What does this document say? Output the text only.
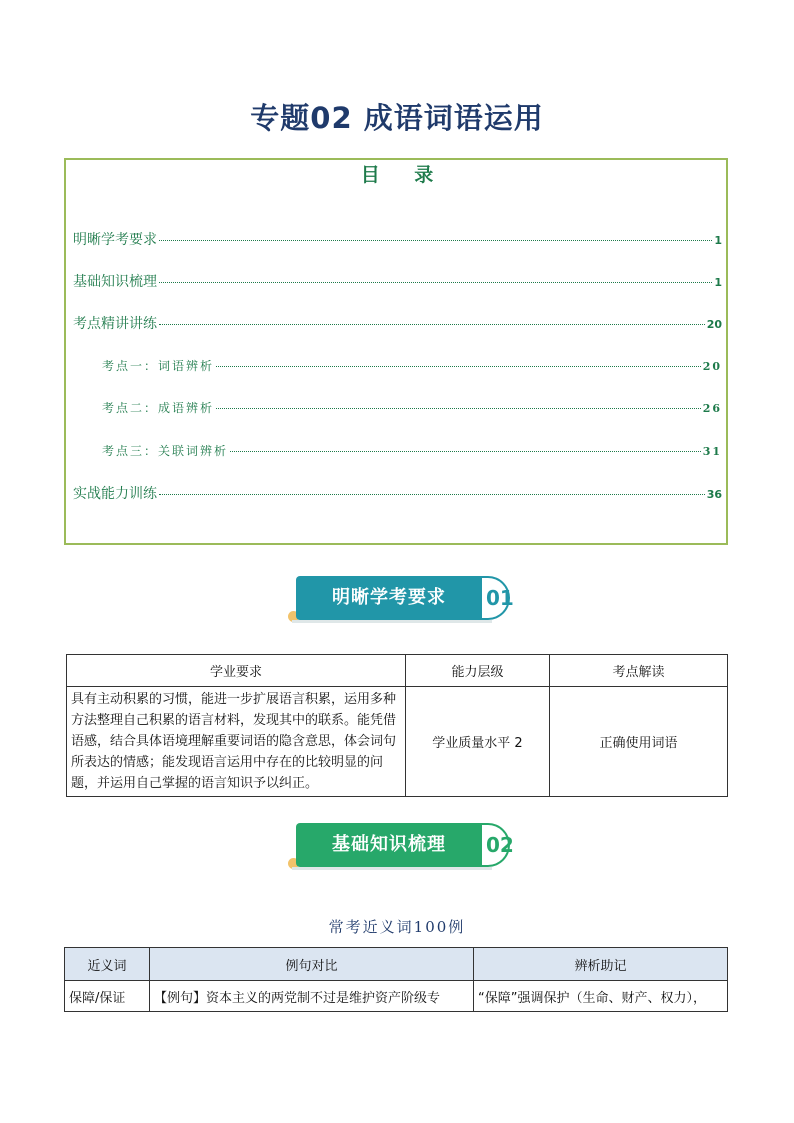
专题02 成语词语运用
目 录
明晰学考要求	1
基础知识梳理	1
考点精讲讲练	20
考点一：词语辨析	20
考点二：成语辨析	26
考点三：关联词辨析	31
实战能力训练	36
明晰学考要求	01
学业要求	能力层级	考点解读
具有主动积累的习惯，能进一步扩展语言积累，运用多种方法整理自己积累的语言材料，发现其中的联系。能凭借语感，结合具体语境理解重要词语的隐含意思，体会词句所表达的情感；能发现语言运用中存在的比较明显的问题，并运用自己掌握的语言知识予以纠正。	学业质量水平 2	正确使用词语
基础知识梳理	02
常考近义词100例
近义词	例句对比	辨析助记
保障/保证	【例句】资本主义的两党制不过是维护资产阶级专	“保障”强调保护（生命、财产、权力），
